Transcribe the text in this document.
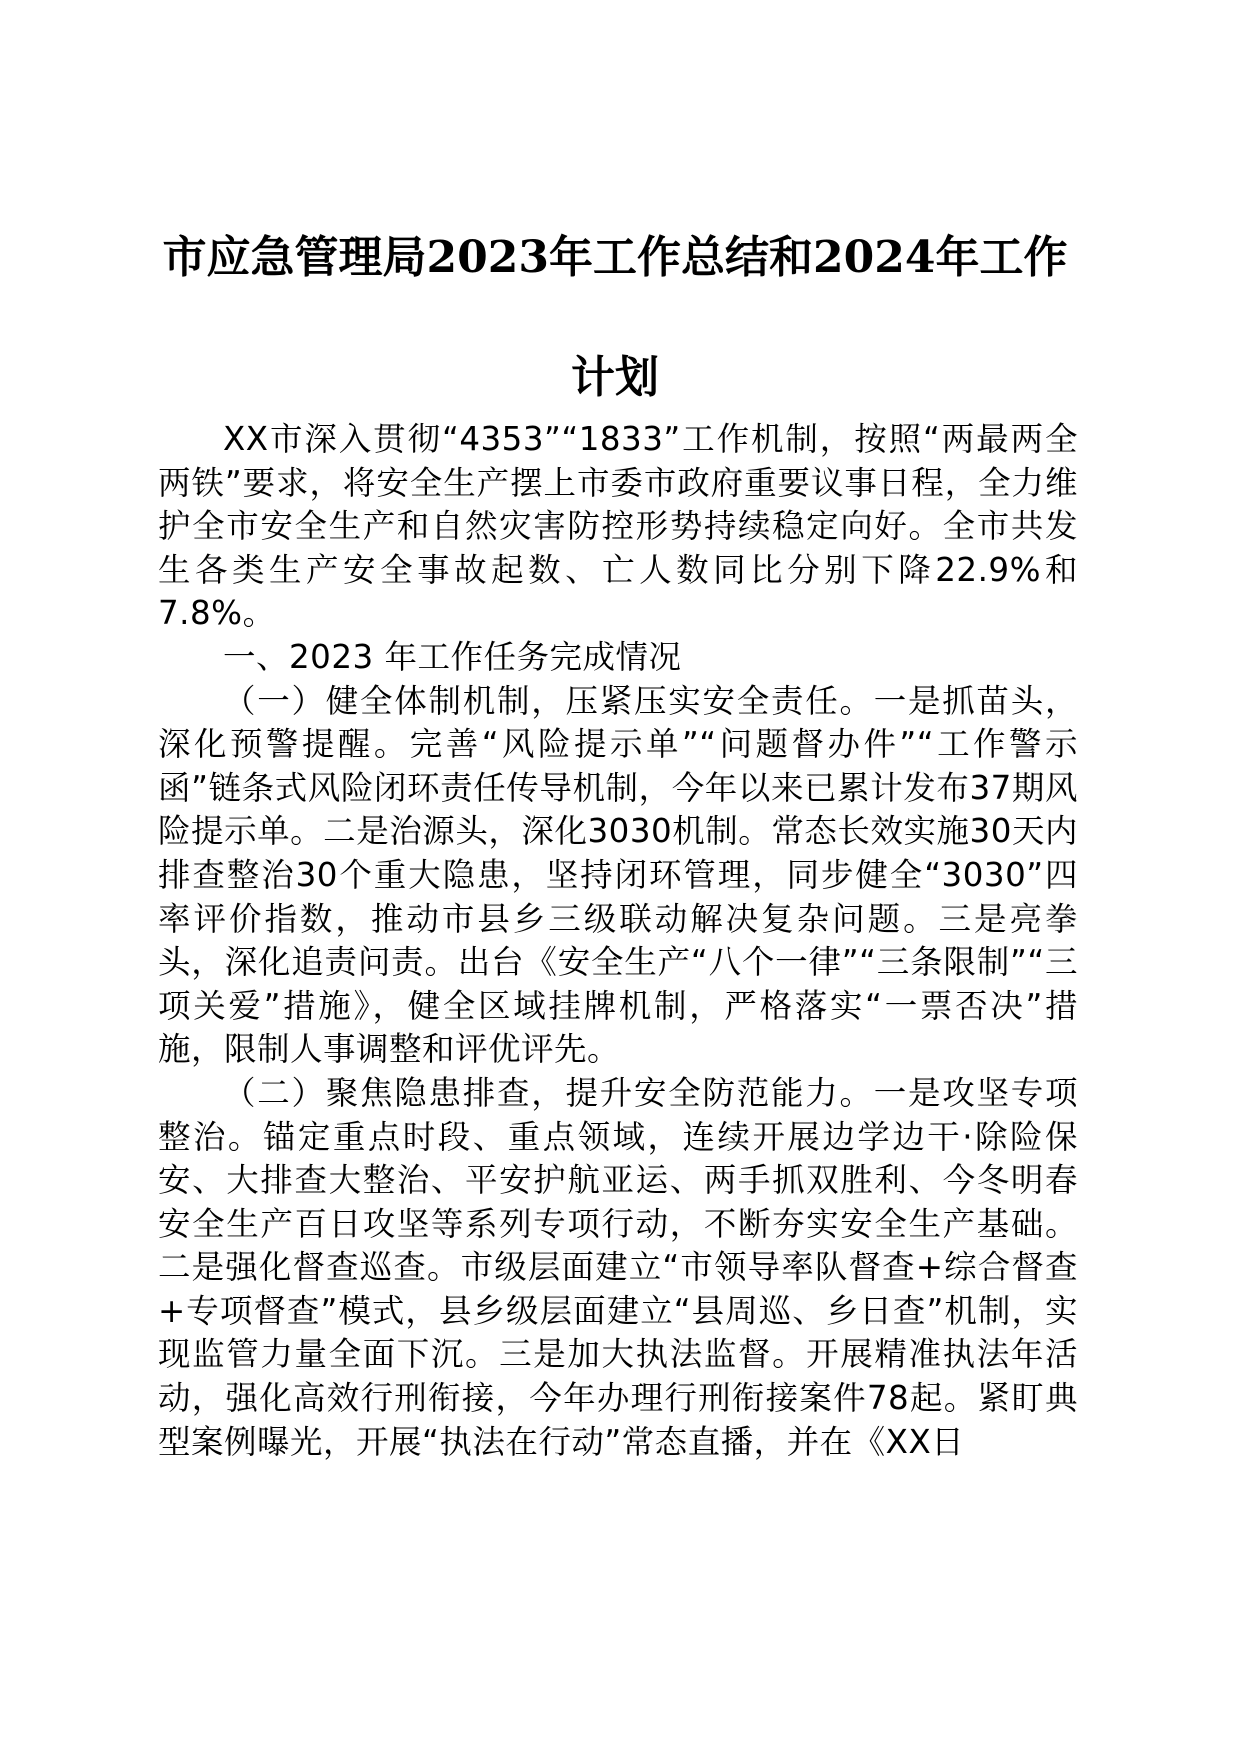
市应急管理局2023年工作总结和2024年工作
计划

XX市深入贯彻“4353”“1833”工作机制，按照“两最两全两铁”要求，将安全生产摆上市委市政府重要议事日程，全力维护全市安全生产和自然灾害防控形势持续稳定向好。全市共发生各类生产安全事故起数、亡人数同比分别下降22.9%和7.8%。

一、2023 年工作任务完成情况

（一）健全体制机制，压紧压实安全责任。一是抓苗头，深化预警提醒。完善“风险提示单”“问题督办件”“工作警示函”链条式风险闭环责任传导机制，今年以来已累计发布37期风险提示单。二是治源头，深化3030机制。常态长效实施30天内排查整治30个重大隐患，坚持闭环管理，同步健全“3030”四率评价指数，推动市县乡三级联动解决复杂问题。三是亮拳头，深化追责问责。出台《安全生产“八个一律”“三条限制”“三项关爱”措施》，健全区域挂牌机制，严格落实“一票否决”措施，限制人事调整和评优评先。

（二）聚焦隐患排查，提升安全防范能力。一是攻坚专项整治。锚定重点时段、重点领域，连续开展边学边干·除险保安、大排查大整治、平安护航亚运、两手抓双胜利、今冬明春安全生产百日攻坚等系列专项行动，不断夯实安全生产基础。二是强化督查巡查。市级层面建立“市领导率队督查+综合督查+专项督查”模式，县乡级层面建立“县周巡、乡日查”机制，实现监管力量全面下沉。三是加大执法监督。开展精准执法年活动，强化高效行刑衔接，今年办理行刑衔接案件78起。紧盯典型案例曝光，开展“执法在行动”常态直播，并在《XX日
